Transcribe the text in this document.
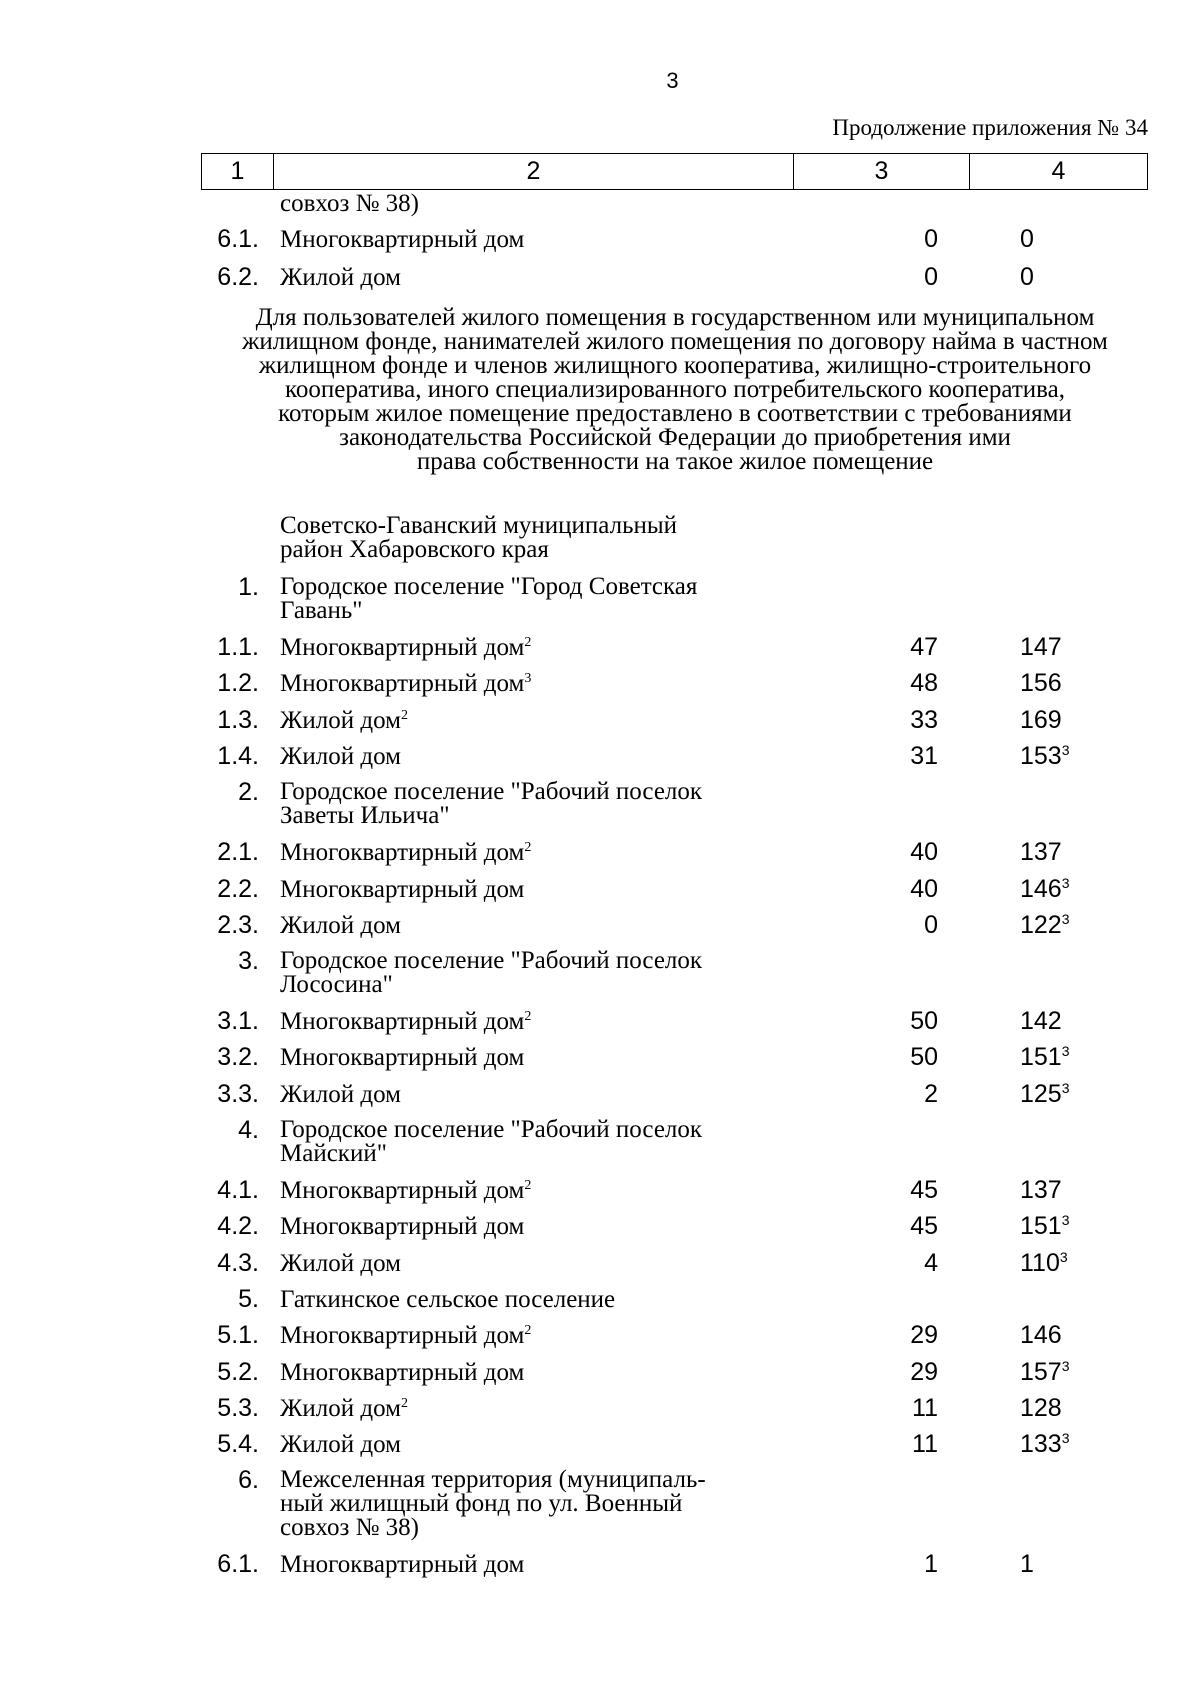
3
Продолжение приложения № 34
1	2	3	4
совхоз № 38)
6.1. Многоквартирный дом	0	0
6.2. Жилой дом	0	0
Для пользователей жилого помещения в государственном или муниципальном
жилищном фонде, нанимателей жилого помещения по договору найма в частном
жилищном фонде и членов жилищного кооператива, жилищно-строительного
кооператива, иного специализированного потребительского кооператива,
которым жилое помещение предоставлено в соответствии с требованиями
законодательства Российской Федерации до приобретения ими
права собственности на такое жилое помещение
Советско-Гаванский муниципальный
район Хабаровского края
1. Городское поселение "Город Советская
Гавань"
1.1. Многоквартирный дом$^2$	47	147
1.2. Многоквартирный дом$^3$	48	156
1.3. Жилой дом$^2$	33	169
1.4. Жилой дом	31	$153^3$
2. Городское поселение "Рабочий поселок
Заветы Ильича"
2.1. Многоквартирный дом$^2$	40	137
2.2. Многоквартирный дом	40	$146^3$
2.3. Жилой дом	0	$122^3$
3. Городское поселение "Рабочий поселок
Лососина"
3.1. Многоквартирный дом$^2$	50	142
3.2. Многоквартирный дом	50	$151^3$
3.3. Жилой дом	2	$125^3$
4. Городское поселение "Рабочий поселок
Майский"
4.1. Многоквартирный дом$^2$	45	137
4.2. Многоквартирный дом	45	$151^3$
4.3. Жилой дом	4	$110^3$
5. Гаткинское сельское поселение
5.1. Многоквартирный дом$^2$	29	146
5.2. Многоквартирный дом	29	$157^3$
5.3. Жилой дом$^2$	11	128
5.4. Жилой дом	11	$133^3$
6. Межселенная территория (муниципаль-
ный жилищный фонд по ул. Военный
совхоз № 38)
6.1. Многоквартирный дом	1	1
